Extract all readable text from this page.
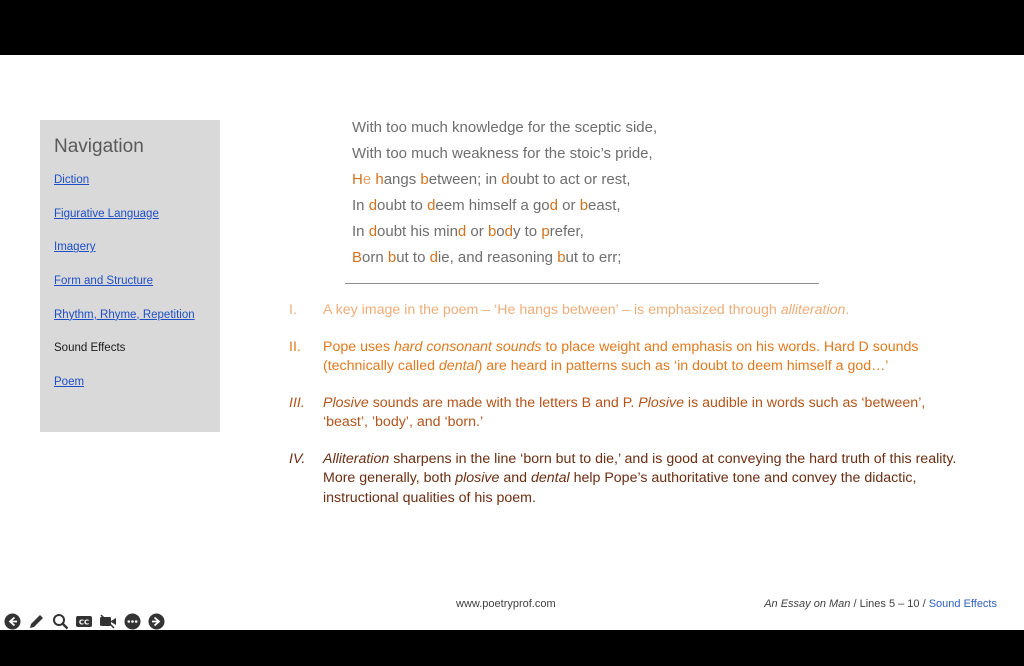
Navigation
Diction
Figurative Language
Imagery
Form and Structure
Rhythm, Rhyme, Repetition
Sound Effects
Poem
With too much knowledge for the sceptic side,
With too much weakness for the stoic’s pride,
He hangs between; in doubt to act or rest,
In doubt to deem himself a god or beast,
In doubt his mind or body to prefer,
Born but to die, and reasoning but to err;
I. A key image in the poem – ‘He hangs between’ – is emphasized through alliteration.
II. Pope uses hard consonant sounds to place weight and emphasis on his words. Hard D sounds (technically called dental) are heard in patterns such as ‘in doubt to deem himself a god…’
III. Plosive sounds are made with the letters B and P. Plosive is audible in words such as ‘between’, ‘beast’, ’body’, and ‘born.’
IV. Alliteration sharpens in the line ‘born but to die,’ and is good at conveying the hard truth of this reality. More generally, both plosive and dental help Pope’s authoritative tone and convey the didactic, instructional qualities of his poem.
www.poetryprof.com	An Essay on Man / Lines 5 – 10 / Sound Effects
CC
